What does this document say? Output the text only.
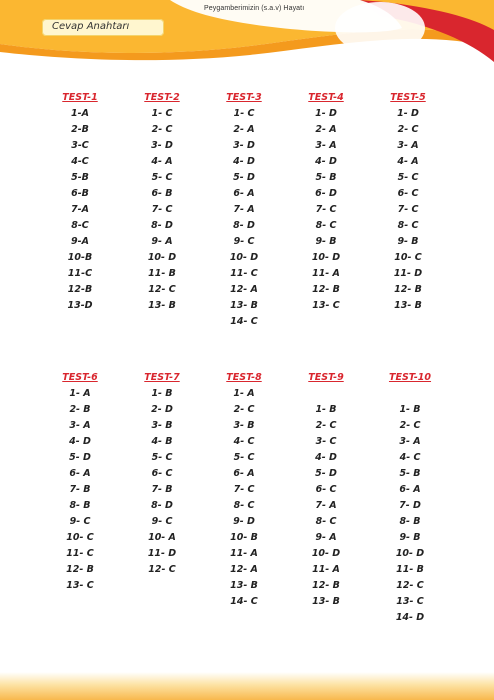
Peygamberimizin (s.a.v) Hayatı
Cevap Anahtarı
TEST-1
1-A
2-B
3-C
4-C
5-B
6-B
7-A
8-C
9-A
10-B
11-C
12-B
13-D
TEST-2
1- C
2- C
3- D
4- A
5- C
6- B
7- C
8- D
9- A
10- D
11- B
12- C
13- B
TEST-3
1- C
2- A
3- D
4- D
5- D
6- A
7- A
8- D
9- C
10- D
11- C
12- A
13- B
14- C
TEST-4
1- D
2- A
3- A
4- D
5- B
6- D
7- C
8- C
9- B
10- D
11- A
12- B
13- C
TEST-5
1- D
2- C
3- A
4- A
5- C
6- C
7- C
8- C
9- B
10- C
11- D
12- B
13- B
TEST-6
1- A
2- B
3- A
4- D
5- D
6- A
7- B
8- B
9- C
10- C
11- C
12- B
13- C
TEST-7
1- B
2- D
3- B
4- B
5- C
6- C
7- B
8- D
9- C
10- A
11- D
12- C
TEST-8
1- A
2- C
3- B
4- C
5- C
6- A
7- C
8- C
9- D
10- B
11- A
12- A
13- B
14- C
TEST-9
1- B
2- C
3- C
4- D
5- D
6- C
7- A
8- C
9- A
10- D
11- A
12- B
13- B
TEST-10
1- B
2- C
3- A
4- C
5- B
6- A
7- D
8- B
9- B
10- D
11- B
12- C
13- C
14- D
